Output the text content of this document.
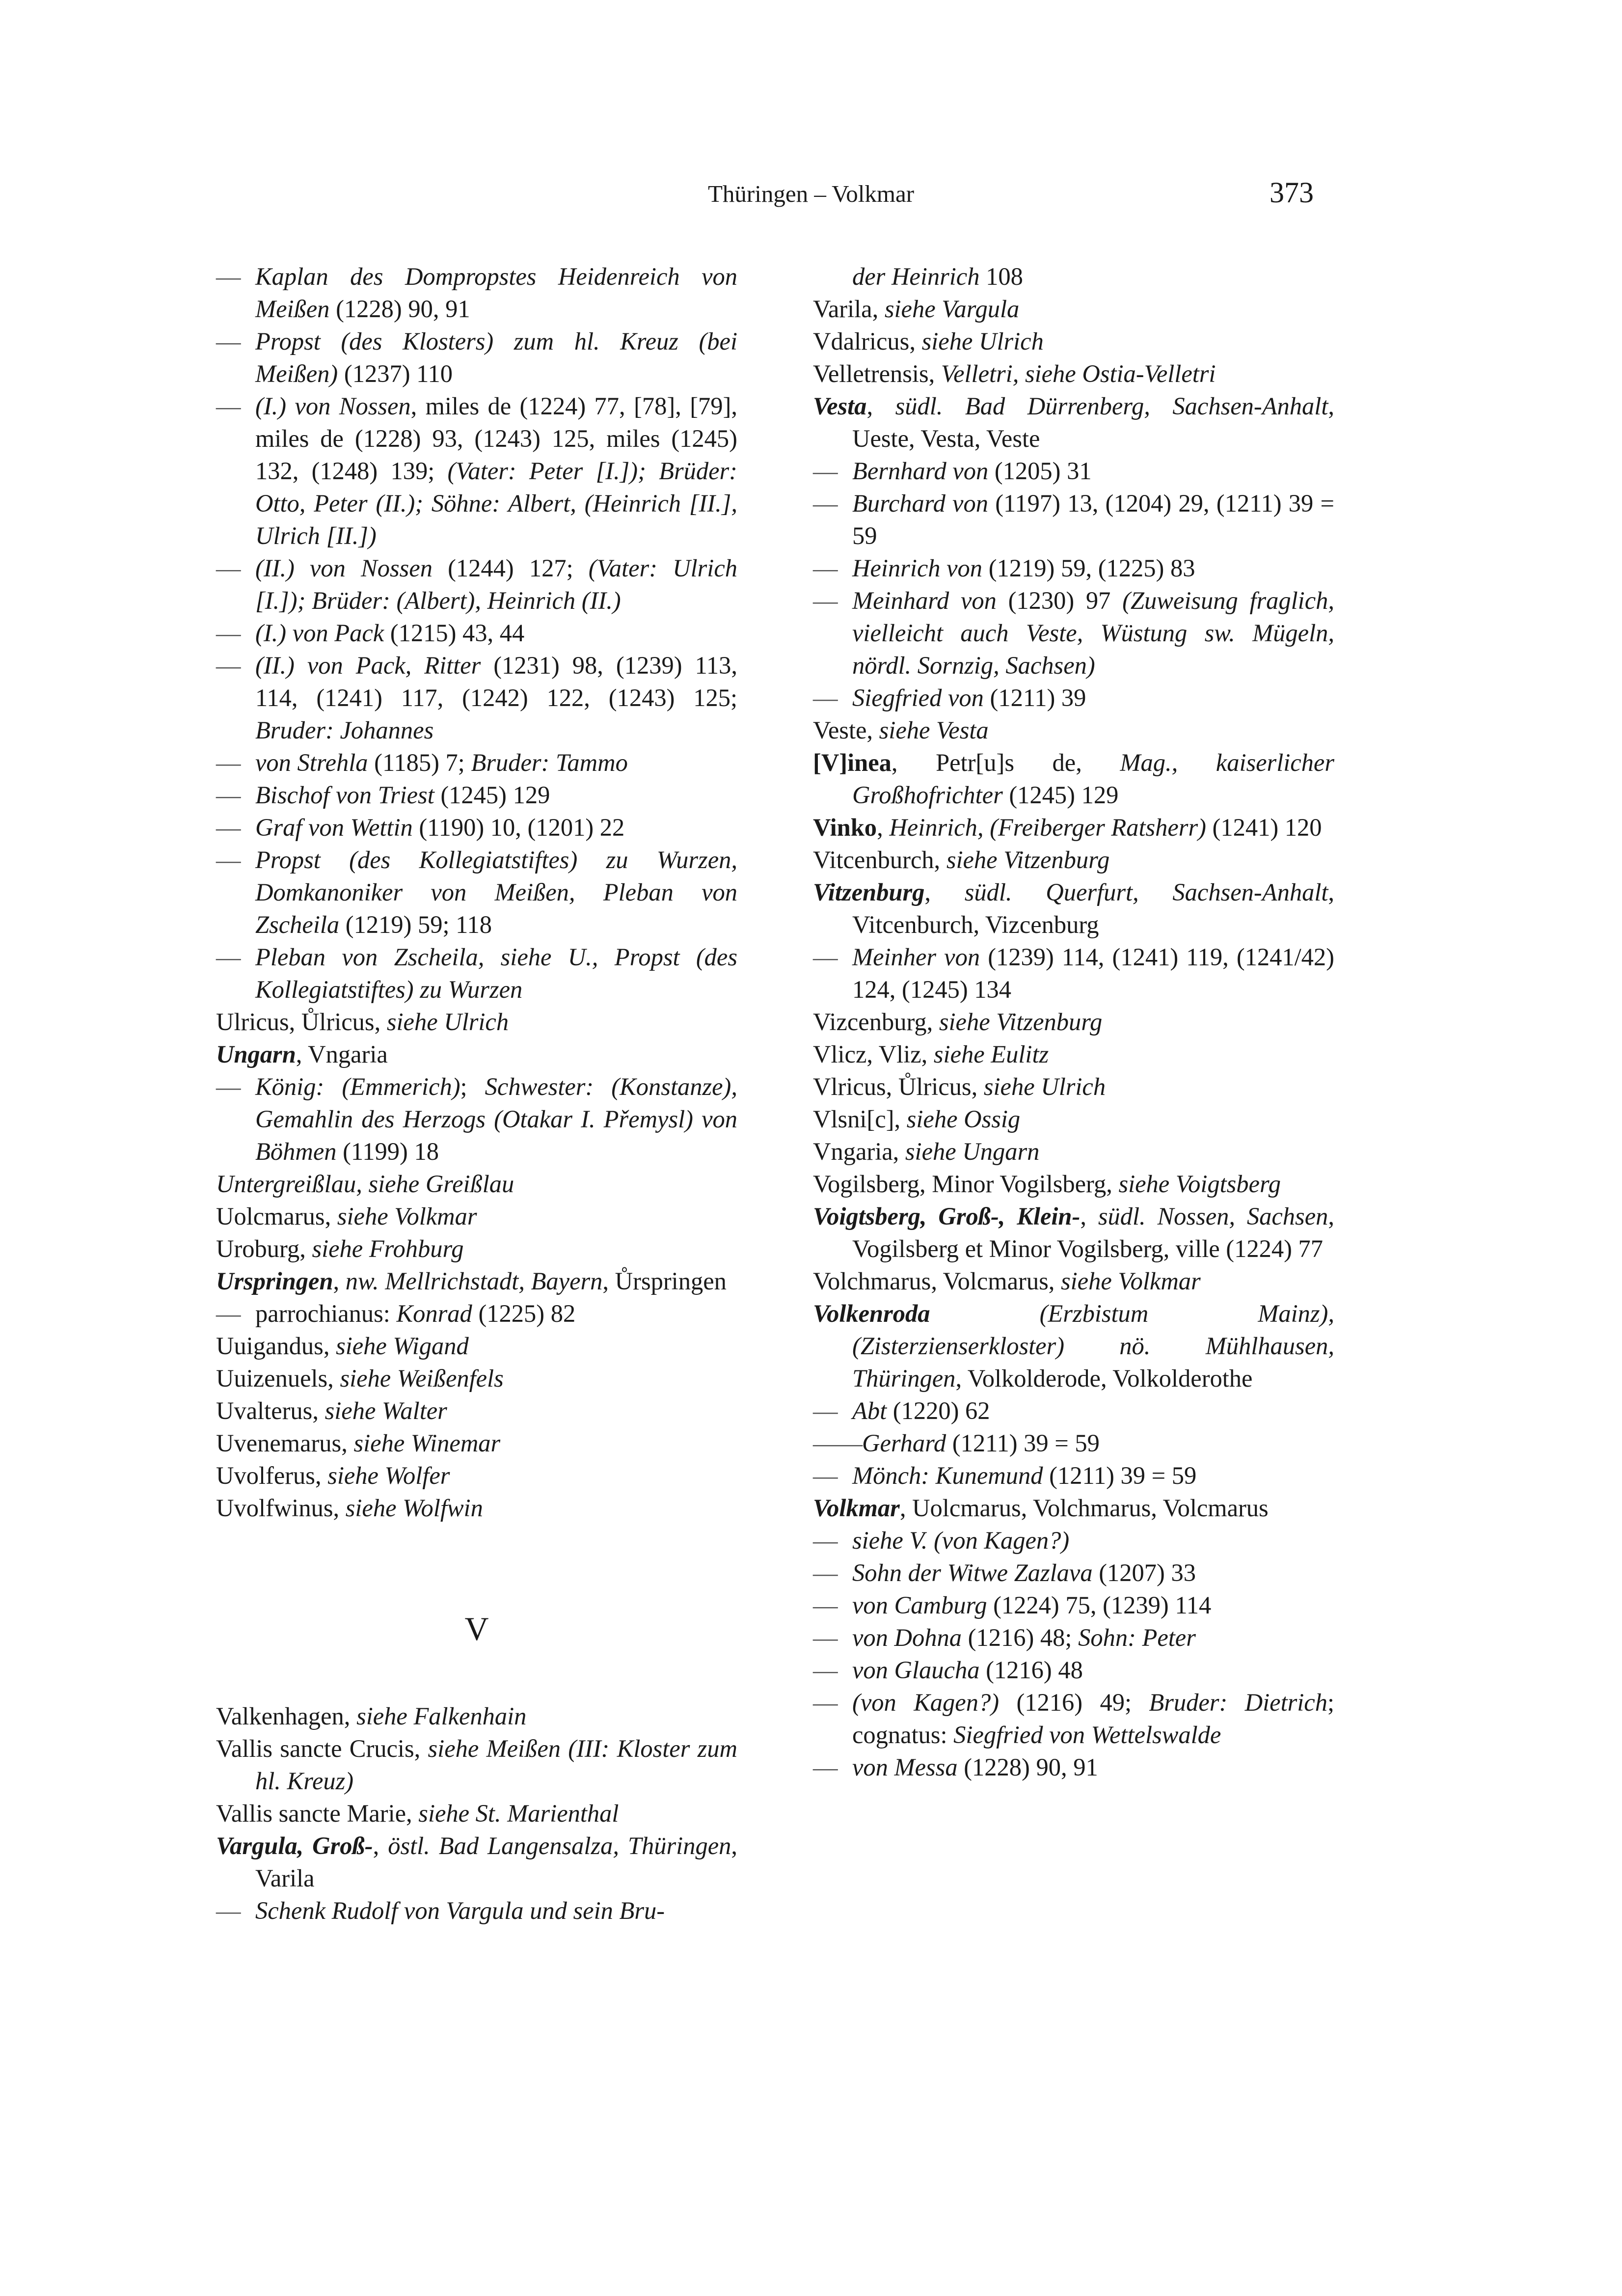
Thüringen – Volkmar	373
— Kaplan des Dompropstes Heidenreich von Meißen (1228) 90, 91
— Propst (des Klosters) zum hl. Kreuz (bei Meißen) (1237) 110
— (I.) von Nossen, miles de (1224) 77, [78], [79], miles de (1228) 93, (1243) 125, miles (1245) 132, (1248) 139; (Vater: Peter [I.]); Brüder: Otto, Peter (II.); Söhne: Albert, (Heinrich [II.], Ulrich [II.])
— (II.) von Nossen (1244) 127; (Vater: Ulrich [I.]); Brüder: (Albert), Heinrich (II.)
— (I.) von Pack (1215) 43, 44
— (II.) von Pack, Ritter (1231) 98, (1239) 113, 114, (1241) 117, (1242) 122, (1243) 125; Bruder: Johannes
— von Strehla (1185) 7; Bruder: Tammo
— Bischof von Triest (1245) 129
— Graf von Wettin (1190) 10, (1201) 22
— Propst (des Kollegiatstiftes) zu Wurzen, Domkanoniker von Meißen, Pleban von Zscheila (1219) 59; 118
— Pleban von Zscheila, siehe U., Propst (des Kollegiatstiftes) zu Wurzen
Ulricus, Ůlricus, siehe Ulrich
Ungarn, Vngaria
— König: (Emmerich); Schwester: (Konstanze), Gemahlin des Herzogs (Otakar I. Přemysl) von Böhmen (1199) 18
Untergreißlau, siehe Greißlau
Uolcmarus, siehe Volkmar
Uroburg, siehe Frohburg
Urspringen, nw. Mellrichstadt, Bayern, Ůrspringen
— parrochianus: Konrad (1225) 82
Uuigandus, siehe Wigand
Uuizenuels, siehe Weißenfels
Uvalterus, siehe Walter
Uvenemarus, siehe Winemar
Uvolferus, siehe Wolfer
Uvolfwinus, siehe Wolfwin
V
Valkenhagen, siehe Falkenhain
Vallis sancte Crucis, siehe Meißen (III: Kloster zum hl. Kreuz)
Vallis sancte Marie, siehe St. Marienthal
Vargula, Groß-, östl. Bad Langensalza, Thüringen, Varila
— Schenk Rudolf von Vargula und sein Bru-
der Heinrich 108
Varila, siehe Vargula
Vdalricus, siehe Ulrich
Velletrensis, Velletri, siehe Ostia-Velletri
Vesta, südl. Bad Dürrenberg, Sachsen-Anhalt, Ueste, Vesta, Veste
— Bernhard von (1205) 31
— Burchard von (1197) 13, (1204) 29, (1211) 39 = 59
— Heinrich von (1219) 59, (1225) 83
— Meinhard von (1230) 97 (Zuweisung fraglich, vielleicht auch Veste, Wüstung sw. Mügeln, nördl. Sornzig, Sachsen)
— Siegfried von (1211) 39
Veste, siehe Vesta
[V]inea, Petr[u]s de, Mag., kaiserlicher Großhofrichter (1245) 129
Vinko, Heinrich, (Freiberger Ratsherr) (1241) 120
Vitcenburch, siehe Vitzenburg
Vitzenburg, südl. Querfurt, Sachsen-Anhalt, Vitcenburch, Vizcenburg
— Meinher von (1239) 114, (1241) 119, (1241/42) 124, (1245) 134
Vizcenburg, siehe Vitzenburg
Vlicz, Vliz, siehe Eulitz
Vlricus, Ůlricus, siehe Ulrich
Vlsni[c], siehe Ossig
Vngaria, siehe Ungarn
Vogilsberg, Minor Vogilsberg, siehe Voigtsberg
Voigtsberg, Groß-, Klein-, südl. Nossen, Sachsen, Vogilsberg et Minor Vogilsberg, ville (1224) 77
Volchmarus, Volcmarus, siehe Volkmar
Volkenroda	(Erzbistum Mainz), (Zisterzienserkloster) nö. Mühlhausen, Thüringen, Volkolderode, Volkolderothe
— Abt (1220) 62
——Gerhard (1211) 39 = 59
— Mönch: Kunemund (1211) 39 = 59
Volkmar, Uolcmarus, Volchmarus, Volcmarus
— siehe V. (von Kagen?)
— Sohn der Witwe Zazlava (1207) 33
— von Camburg (1224) 75, (1239) 114
— von Dohna (1216) 48; Sohn: Peter
— von Glaucha (1216) 48
— (von Kagen?) (1216) 49; Bruder: Dietrich; cognatus: Siegfried von Wettelswalde
— von Messa (1228) 90, 91
